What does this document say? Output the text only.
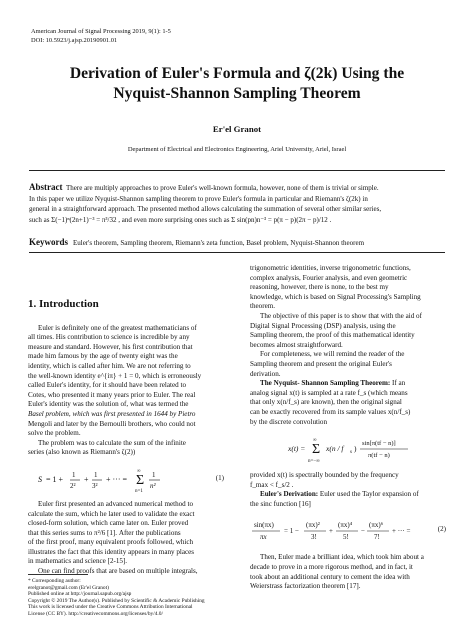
American Journal of Signal Processing 2019, 9(1): 1-5
DOI: 10.5923/j.ajsp.20190901.01
Derivation of Euler's Formula and ζ(2k) Using the
Nyquist-Shannon Sampling Theorem
Er'el Granot
Department of Electrical and Electronics Engineering, Ariel University, Ariel, Israel
Abstract There are multiply approaches to prove Euler's well-known formula, however, none of them is trivial or simple.
In this paper we utilize Nyquist-Shannon sampling theorem to prove Euler's formula in particular and Riemann's ζ(2k) in
general in a straightforward approach. The presented method allows calculating the summation of several other similar series,
such as Σ(−1)ⁿ(2n+1)⁻³ = π³/32 , and even more surprising ones such as Σ sin(pn)n⁻³ = p(π − p)(2π − p)/12 .
Keywords Euler's theorem, Sampling theorem, Riemann's zeta function, Basel problem, Nyquist-Shannon theorem
1. Introduction
Euler is definitely one of the greatest mathematicians of
all times. His contribution to science is incredible by any
measure and standard. However, his first contribution that
made him famous by the age of twenty eight was the
identity, which is called after him. We are not referring to
the well-known identity e^{iπ} + 1 = 0, which is erroneously
called Euler's identity, for it should have been related to
Cotes, who presented it many years prior to Euler. The real
Euler's identity was the solution of, what was termed the
Basel problem, which was first presented in 1644 by Pietro
Mengoli and later by the Bernoulli brothers, who could not
solve the problem.
The problem was to calculate the sum of the infinite
series (also known as Riemann's ζ(2))
S = 1 + 1
2²
+ 1
3²
+ ··· = Σ
∞
n=1
1
n²
(1)
Euler first presented an advanced numerical method to
calculate the sum, which he later used to validate the exact
closed-form solution, which came later on. Euler proved
that this series sums to π²/6 [1]. After the publications
of the first proof, many equivalent proofs followed, which
illustrates the fact that this identity appears in many places
in mathematics and science [2-15].
One can find proofs that are based on multiple integrals,
* Corresponding author:
erelgranot@gmail.com (Er'el Granot)
Published online at http://journal.sapub.org/ajsp
Copyright © 2019 The Author(s). Published by Scientific & Academic Publishing
This work is licensed under the Creative Commons Attribution International
License (CC BY). http://creativecommons.org/licenses/by/4.0/
trigonometric identities, inverse trigonometric functions,
complex analysis, Fourier analysis, and even geometric
reasoning, however, there is none, to the best my
knowledge, which is based on Signal Processing's Sampling
theorem.
The objective of this paper is to show that with the aid of
Digital Signal Processing (DSP) analysis, using the
Sampling theorem, the proof of this mathematical identity
becomes almost straightforward.
For completeness, we will remind the reader of the
Sampling theorem and present the original Euler's
derivation.
The Nyquist- Shannon Sampling Theorem: If an
analog signal x(t) is sampled at a rate f_s (which means
that only x(n/f_s) are known), then the original signal
can be exactly recovered from its sample values x(n/f_s)
by the discrete convolution
x(t) = Σ
∞
n=−∞
x(n / f s )
sin[π(tf − n)]
π(tf − n)
provided x(t) is spectrally bounded by the frequency
f_max < f_s/2 .
Euler's Derivation: Euler used the Taylor expansion of
the sinc function [16]
sin(πx)
πx
= 1 −
(πx)²
3!
+
(πx)⁴
5!
−
(πx)⁶
7!
+ ··· =	(2)
Then, Euler made a brilliant idea, which took him about a
decade to prove in a more rigorous method, and in fact, it
took about an additional century to cement the idea with
Weierstrass factorization theorem [17].
